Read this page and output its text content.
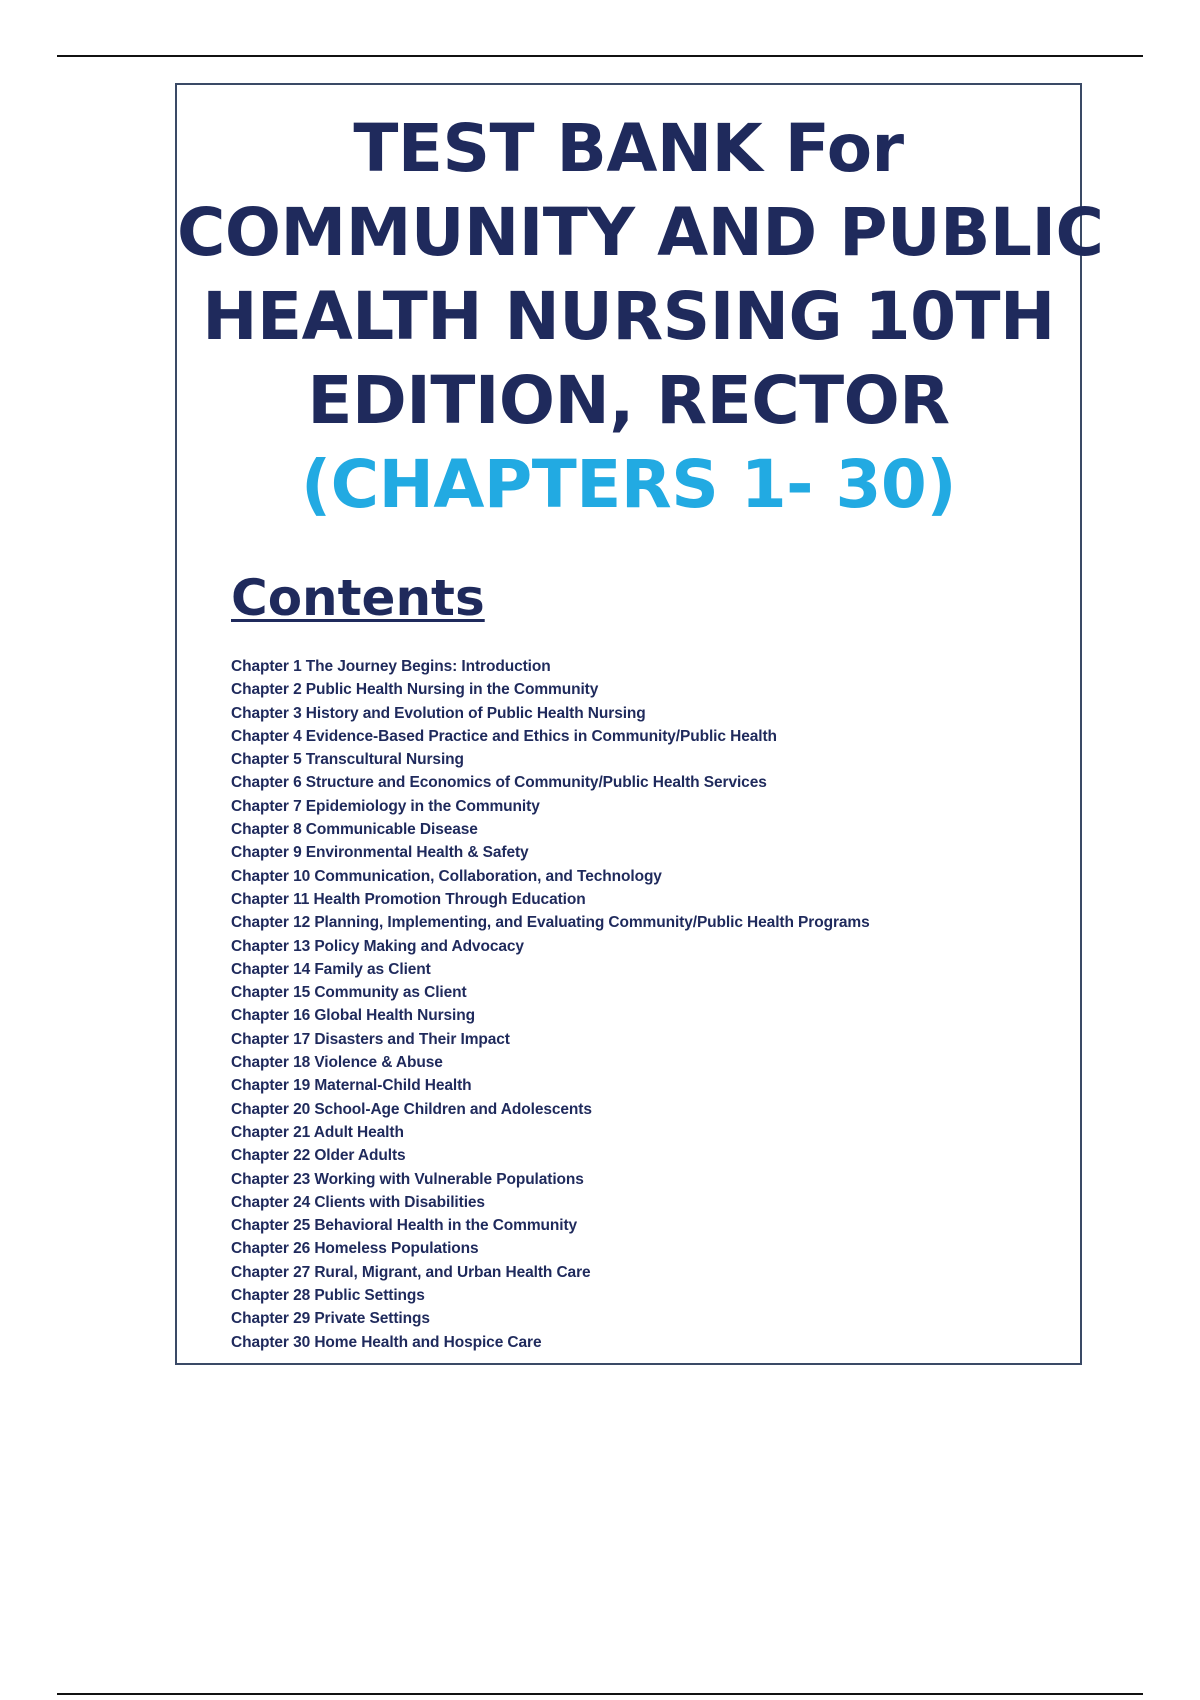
TEST BANK For
COMMUNITY AND PUBLIC
HEALTH NURSING 10TH
EDITION, RECTOR
(CHAPTERS 1- 30)
Contents
Chapter 1 The Journey Begins: Introduction
Chapter 2 Public Health Nursing in the Community
Chapter 3 History and Evolution of Public Health Nursing
Chapter 4 Evidence-Based Practice and Ethics in Community/Public Health
Chapter 5 Transcultural Nursing
Chapter 6 Structure and Economics of Community/Public Health Services
Chapter 7 Epidemiology in the Community
Chapter 8 Communicable Disease
Chapter 9 Environmental Health & Safety
Chapter 10 Communication, Collaboration, and Technology
Chapter 11 Health Promotion Through Education
Chapter 12 Planning, Implementing, and Evaluating Community/Public Health Programs
Chapter 13 Policy Making and Advocacy
Chapter 14 Family as Client
Chapter 15 Community as Client
Chapter 16 Global Health Nursing
Chapter 17 Disasters and Their Impact
Chapter 18 Violence & Abuse
Chapter 19 Maternal-Child Health
Chapter 20 School-Age Children and Adolescents
Chapter 21 Adult Health
Chapter 22 Older Adults
Chapter 23 Working with Vulnerable Populations
Chapter 24 Clients with Disabilities
Chapter 25 Behavioral Health in the Community
Chapter 26 Homeless Populations
Chapter 27 Rural, Migrant, and Urban Health Care
Chapter 28 Public Settings
Chapter 29 Private Settings
Chapter 30 Home Health and Hospice Care
